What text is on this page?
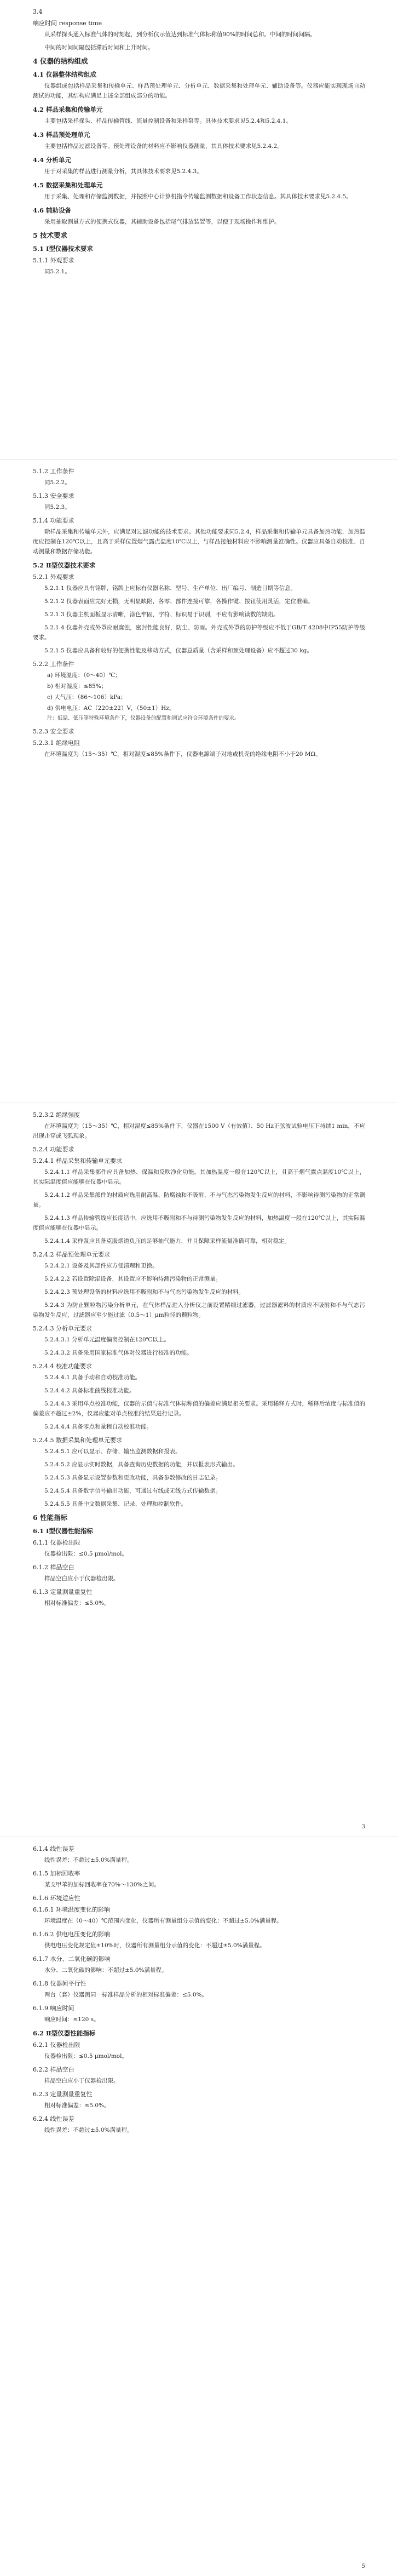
3.4
响应时间 response time
从采样探头通入标准气体的时刻起，到分析仪示值达到标准气体标称值90%的时间总和。中间的时间间隔。
中间的时间间隔包括滞后时间和上升时间。
4 仪器的结构组成
4.1 仪器整体结构组成
仪器组成包括样品采集和传输单元、样品预处理单元、分析单元、数据采集和处理单元、辅助设备等。仪器应能实现现场自动测试的功能，其结构应满足上述全部组成部分的功能。
4.2 样品采集和传输单元
主要包括采样探头、样品传输管线、流量控制设备和采样泵等。具体技术要求见5.2.4和5.2.4.1。
4.3 样品预处理单元
主要包括样品过滤设备等。预处理设备的材料应不影响仪器测量，其具体技术要求见5.2.4.2。
4.4 分析单元
用于对采集的样品进行测量分析，其具体技术要求见5.2.4.3。
4.5 数据采集和处理单元
用于采集、处理和存储监测数据，并按照中心计算机指令传输监测数据和设备工作状态信息。其具体技术要求见5.2.4.5。
4.6 辅助设备
采用抽取测量方式的便携式仪器，其辅助设备包括尾气排放装置等，以便于现场操作和维护。
5 技术要求
5.1 Ⅰ型仪器技术要求
5.1.1 外观要求
同5.2.1。
5.1.2 工作条件
同5.2.2。
5.1.3 安全要求
同5.2.3。
5.1.4 功能要求
除样品采集和传输单元外，应满足对过滤功能的技术要求。其他功能要求同5.2.4，样品采集和传输单元具备加热功能，加热温度应控制在120℃以上，且高于采样位置烟气露点温度10℃以上，与样品接触材料应不影响测量准确性。仪器应具备自动校准、自动测量和数据存储功能。
5.2 Ⅱ型仪器技术要求
5.2.1 外观要求
5.2.1.1 仪器应具有铭牌，铭牌上应标有仪器名称、型号、生产单位、出厂编号、制造日期等信息。
5.2.1.2 仪器表面应完好无损，无明显缺陷，各零、部件连接可靠，各操作键、按钮使用灵活，定位准确。
5.2.1.3 仪器主机面板显示清晰，涂色牢固，字符、标识易于识别，不应有影响读数的缺陷。
5.2.1.4 仪器外壳或外罩应耐腐蚀，密封性能良好，防尘、防雨。外壳或外罩的防护等级应不低于GB/T 4208中IP55防护等级要求。
5.2.1.5 仪器应具备和较好的便携性能及移动方式，仪器总质量（含采样和预处理设备）应不超过30 kg。
5.2.2 工作条件
a) 环境温度：（0～40）℃；
b) 相对湿度：≤85%；
c) 大气压：（86～106）kPa；
d) 供电电压：AC（220±22）V，（50±1）Hz。
注：低温、低压等特殊环境条件下，仪器设备的配置和调试应符合环境条件的要求。
5.2.3 安全要求
5.2.3.1 绝缘电阻
在环境温度为（15～35）℃，相对湿度≤85%条件下，仪器电源端子对地或机壳的绝缘电阻不小于20 MΩ。
5.2.3.2 绝缘强度
在环境温度为（15～35）℃，相对湿度≤85%条件下，仪器在1500 V（有效值）、50 Hz正弦波试验电压下持续1 min，不应出现击穿或飞弧现象。
5.2.4 功能要求
5.2.4.1 样品采集和传输单元要求
5.2.4.1.1 样品采集部件应具备加热、保温和反吹净化功能。其加热温度一般在120℃以上，且高于烟气露点温度10℃以上，其实际温度值应能够在仪器中显示。
5.2.4.1.2 样品采集部件的材质应选用耐高温、防腐蚀和不吸附、不与气态污染物发生反应的材料，不影响待测污染物的正常测量。
5.2.4.1.3 样品传输管线应长度适中，应选用不吸附和不与待测污染物发生反应的材料，加热温度一般在120℃以上，其实际温度值应能够在仪器中显示。
5.2.4.1.4 采样泵应具备克服烟道负压的足够抽气能力，并且保障采样流量准确可靠，相对稳定。
5.2.4.2 样品预处理单元要求
5.2.4.2.1 设备及其部件应方便清理和更换。
5.2.4.2.2 若设置除湿设备，其设置应不影响待测污染物的正常测量。
5.2.4.2.3 预处理设备的材料应选用不吸附和不与气态污染物发生反应的材料。
5.2.4.3 为防止颗粒物污染分析单元，在气体样品进入分析仪之前设置精细过滤器，过滤器滤料的材质应不吸附和不与气态污染物发生反应，过滤器应至少能过滤（0.5～1）μm粒径的颗粒物。
5.2.4.3 分析单元要求
5.2.4.3.1 分析单元温度偏离控制在120℃以上。
5.2.4.3.2 具备采用国家标准气体对仪器进行校准的功能。
5.2.4.4 校准功能要求
5.2.4.4.1 具备手动和自动校准功能。
5.2.4.4.2 具备标准曲线校准功能。
5.2.4.4.3 采用单点校准功能，仪器的示值与标准气体标称值的偏差应满足相关要求。采用稀释方式时，稀释后浓度与标准值的偏差应不超过±2%，仪器应能对单点校准的结果进行记录。
5.2.4.4.4 具备零点和量程自动校准功能。
5.2.4.5 数据采集和处理单元要求
5.2.4.5.1 应可以显示、存储、输出监测数据和报表。
5.2.4.5.2 应显示实时数据，具备查询历史数据的功能，并以报表形式输出。
5.2.4.5.3 具备显示设置参数和更改功能，具备参数修改的日志记录。
5.2.4.5.4 具备数字信号输出功能，可通过有线或无线方式传输数据。
5.2.4.5.5 具备中文数据采集、记录、处理和控制软件。
6 性能指标
6.1 Ⅰ型仪器性能指标
6.1.1 仪器检出限
仪器检出限：≤0.5 μmol/mol。
6.1.2 样品空白
样品空白应小于仪器检出限。
6.1.3 定量测量重复性
相对标准偏差：≤5.0%。
3
6.1.4 线性误差
线性误差：不超过±5.0%满量程。
6.1.5 加标回收率
某支甲苯的加标回收率在70%～130%之间。
6.1.6 环境适应性
6.1.6.1 环境温度变化的影响
环境温度在（0～40）℃范围内变化，仪器所有测量组分示值的变化：不超过±5.0%满量程。
6.1.6.2 供电电压变化的影响
供电电压变化规定值±10%时，仪器所有测量组分示值的变化：不超过±5.0%满量程。
6.1.7 水分、二氧化碳的影响
水分、二氧化碳的影响：不超过±5.0%满量程。
6.1.8 仪器间平行性
两台（套）仪器测同一标准样品分析的相对标准偏差：≤5.0%。
6.1.9 响应时间
响应时间：≤120 s。
6.2 Ⅱ型仪器性能指标
6.2.1 仪器检出限
仪器检出限：≤0.5 μmol/mol。
6.2.2 样品空白
样品空白应小于仪器检出限。
6.2.3 定量测量重复性
相对标准偏差：≤5.0%。
6.2.4 线性误差
线性误差：不超过±5.0%满量程。
5
